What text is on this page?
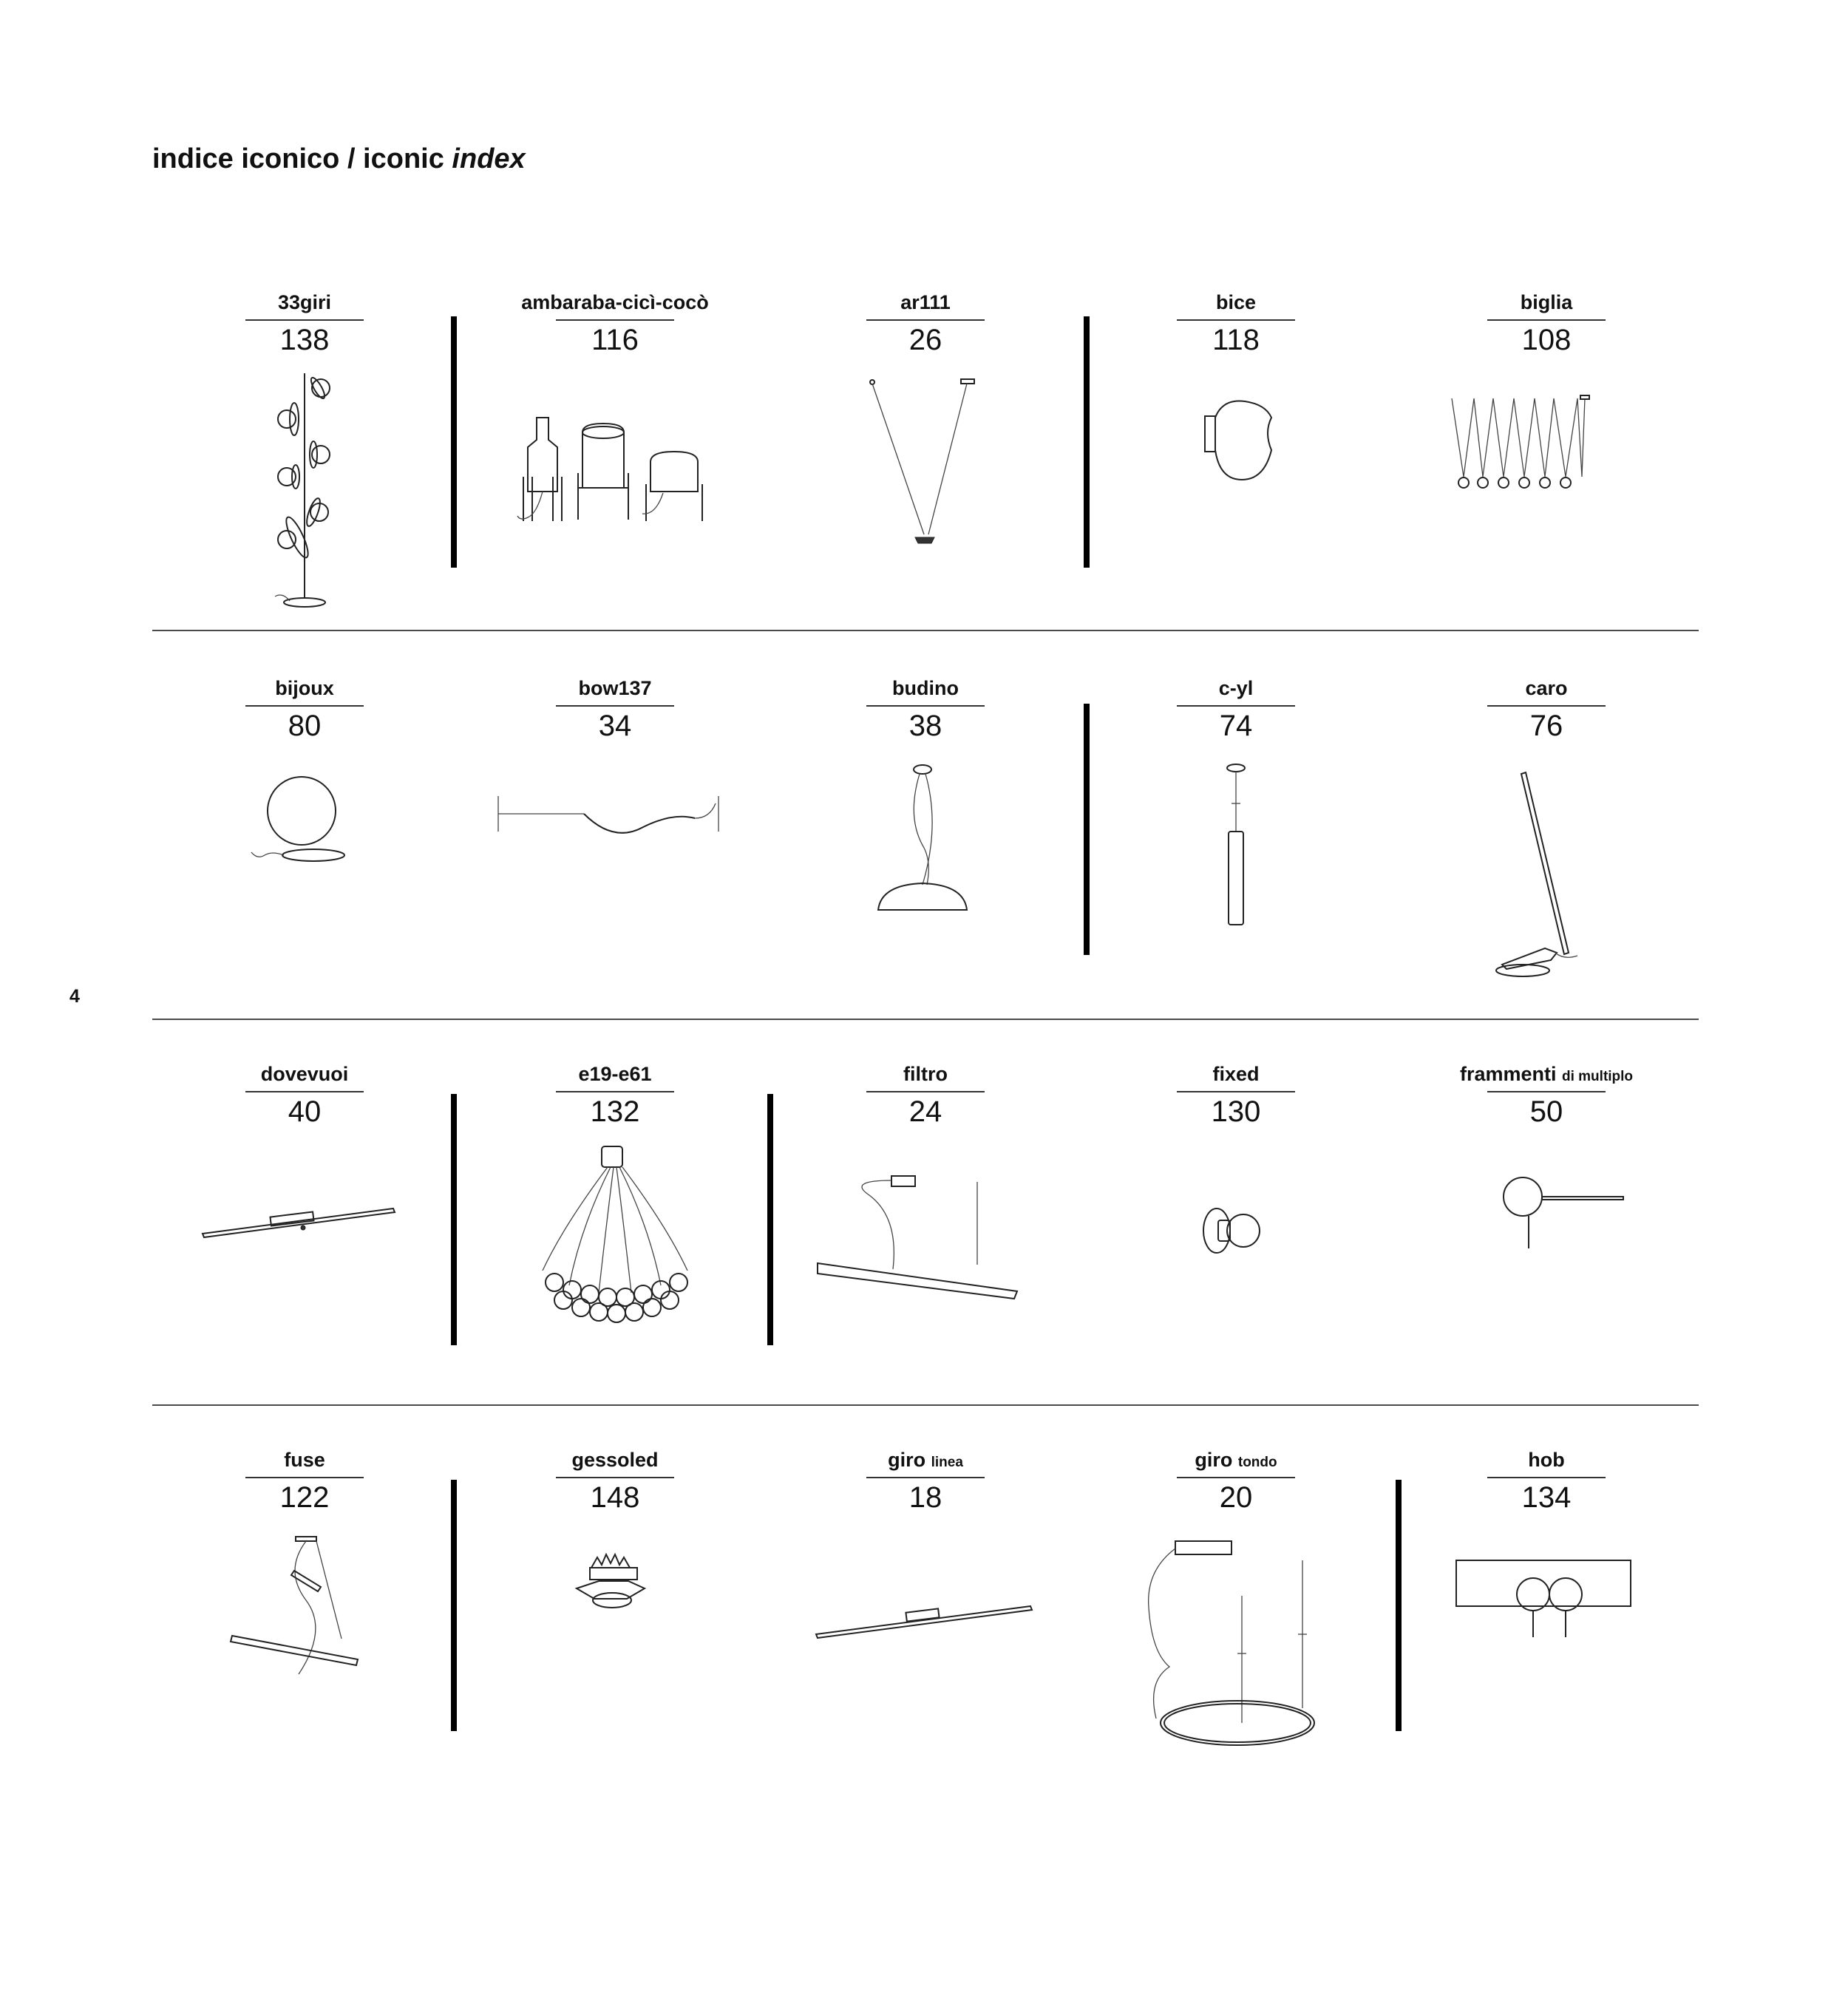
indice iconico / iconic index
4
33giri
138
ambaraba-cicì-cocò
116
ar111
26
bice
118
biglia
108
bijoux
80
bow137
34
budino
38
c-yl
74
caro
76
dovevuoi
40
e19-e61
132
filtro
24
fixed
130
frammenti di multiplo
50
fuse
122
gessoled
148
giro linea
18
giro tondo
20
hob
134
